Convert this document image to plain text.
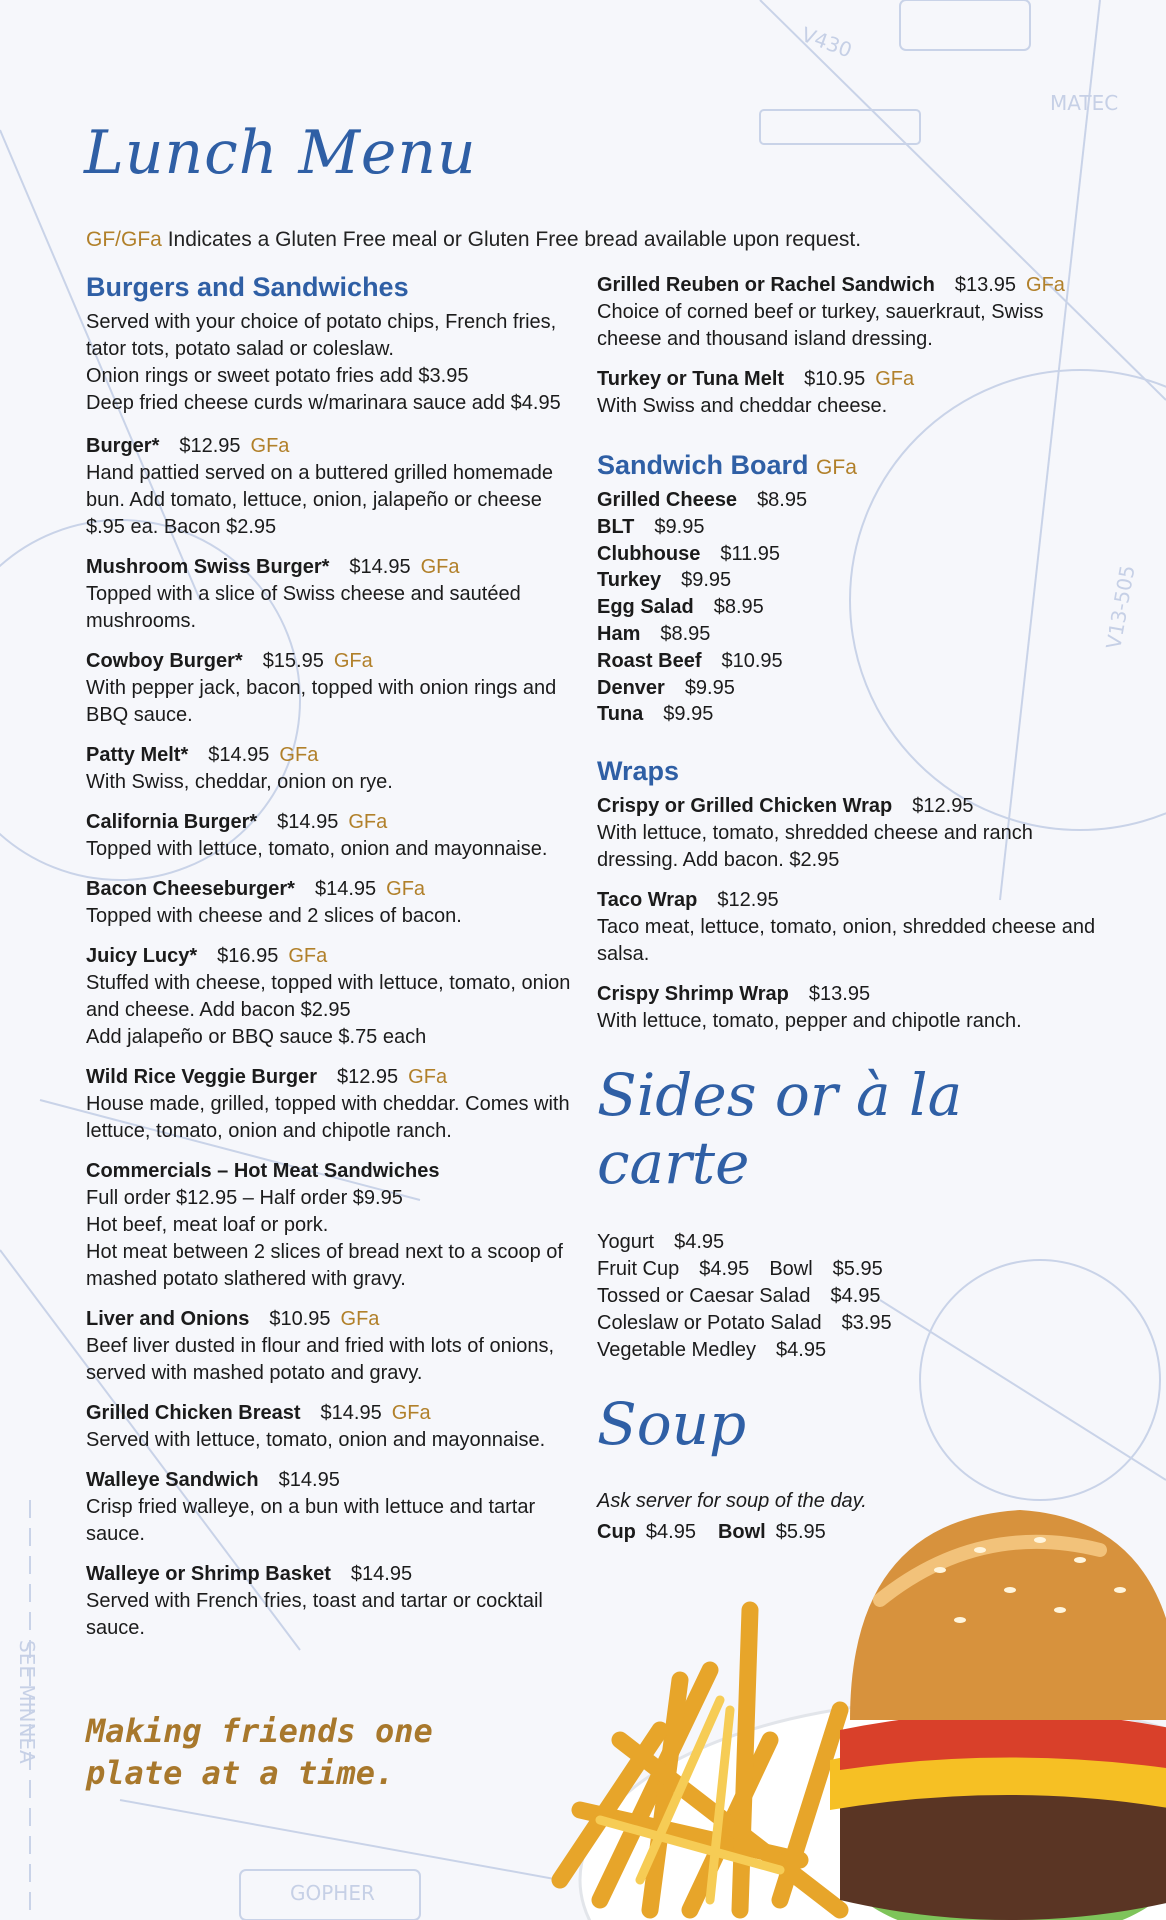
V430
V13-505
SEE MINNEA
GOPHER
MATEC
Lunch Menu
GF/GFa Indicates a Gluten Free meal or Gluten Free bread available upon request.
Burgers and Sandwiches
Served with your choice of potato chips, French fries, tator tots, potato salad or coleslaw.
Onion rings or sweet potato fries add $3.95
Deep fried cheese curds w/marinara sauce add $4.95
Burger* $12.95 GFa
Hand pattied served on a buttered grilled homemade bun. Add tomato, lettuce, onion, jalapeño or cheese $.95 ea. Bacon $2.95
Mushroom Swiss Burger* $14.95 GFa
Topped with a slice of Swiss cheese and sautéed mushrooms.
Cowboy Burger* $15.95 GFa
With pepper jack, bacon, topped with onion rings and BBQ sauce.
Patty Melt* $14.95 GFa
With Swiss, cheddar, onion on rye.
California Burger* $14.95 GFa
Topped with lettuce, tomato, onion and mayonnaise.
Bacon Cheeseburger* $14.95 GFa
Topped with cheese and 2 slices of bacon.
Juicy Lucy* $16.95 GFa
Stuffed with cheese, topped with lettuce, tomato, onion and cheese. Add bacon $2.95
Add jalapeño or BBQ sauce $.75 each
Wild Rice Veggie Burger $12.95 GFa
House made, grilled, topped with cheddar. Comes with lettuce, tomato, onion and chipotle ranch.
Commercials – Hot Meat Sandwiches
Full order $12.95 – Half order $9.95
Hot beef, meat loaf or pork.
Hot meat between 2 slices of bread next to a scoop of mashed potato slathered with gravy.
Liver and Onions $10.95 GFa
Beef liver dusted in flour and fried with lots of onions, served with mashed potato and gravy.
Grilled Chicken Breast $14.95 GFa
Served with lettuce, tomato, onion and mayonnaise.
Walleye Sandwich $14.95
Crisp fried walleye, on a bun with lettuce and tartar sauce.
Walleye or Shrimp Basket $14.95
Served with French fries, toast and tartar or cocktail sauce.
Grilled Reuben or Rachel Sandwich $13.95 GFa
Choice of corned beef or turkey, sauerkraut, Swiss cheese and thousand island dressing.
Turkey or Tuna Melt $10.95 GFa
With Swiss and cheddar cheese.
Sandwich Board GFa
Grilled Cheese $8.95
BLT $9.95
Clubhouse $11.95
Turkey $9.95
Egg Salad $8.95
Ham $8.95
Roast Beef $10.95
Denver $9.95
Tuna $9.95
Wraps
Crispy or Grilled Chicken Wrap $12.95
With lettuce, tomato, shredded cheese and ranch dressing. Add bacon. $2.95
Taco Wrap $12.95
Taco meat, lettuce, tomato, onion, shredded cheese and salsa.
Crispy Shrimp Wrap $13.95
With lettuce, tomato, pepper and chipotle ranch.
Sides or à la carte
Yogurt $4.95
Fruit Cup $4.95 Bowl $5.95
Tossed or Caesar Salad $4.95
Coleslaw or Potato Salad $3.95
Vegetable Medley $4.95
Soup
Ask server for soup of the day.
Cup $4.95 Bowl $5.95
Making friends one plate at a time.
